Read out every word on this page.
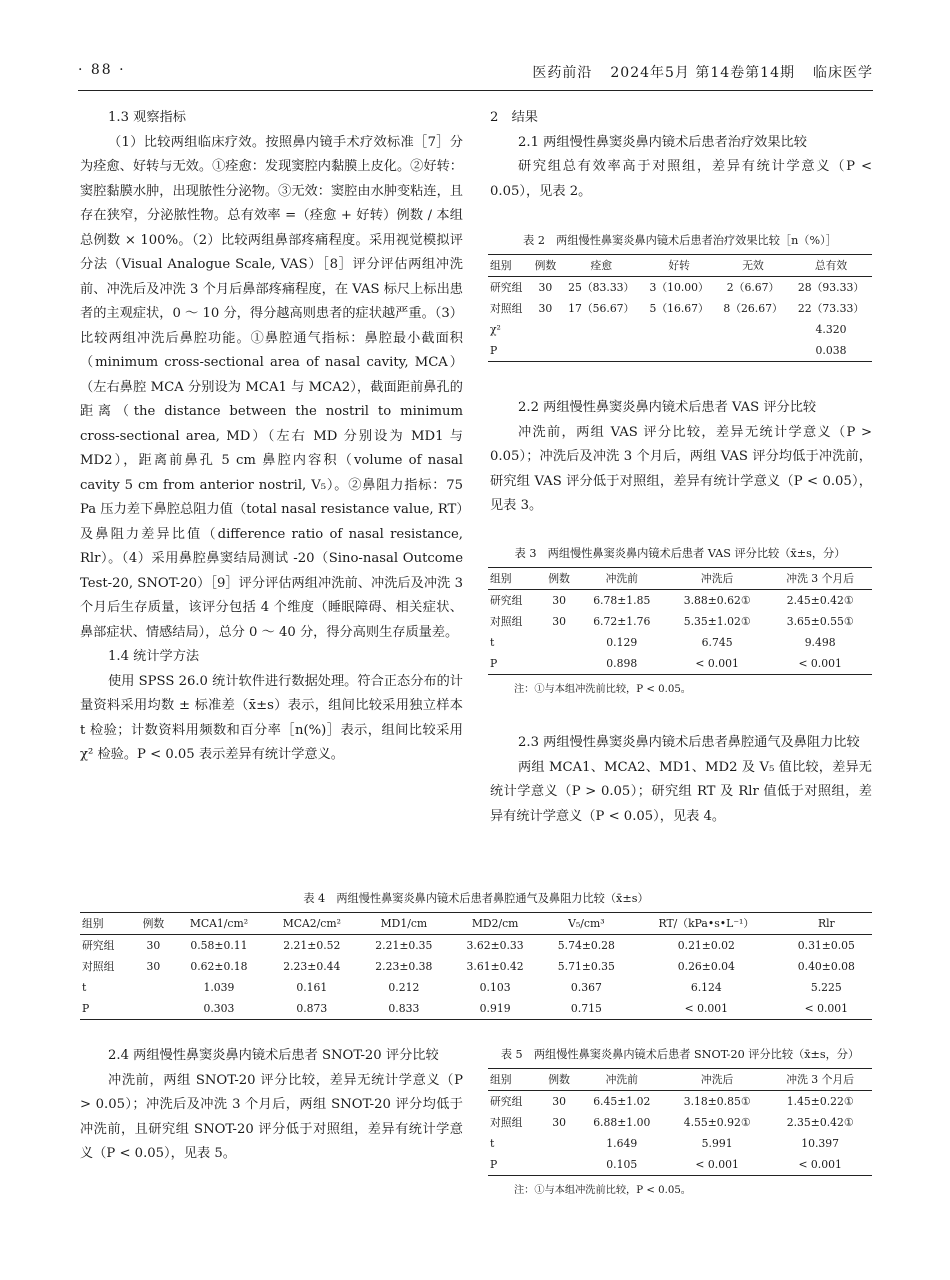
· 88 ·	医药前沿 2024年5月 第14卷第14期 临床医学

1.3 观察指标

（1）比较两组临床疗效。按照鼻内镜手术疗效标准［7］分为痊愈、好转与无效。①痊愈：发现窦腔内黏膜上皮化。②好转：窦腔黏膜水肿，出现脓性分泌物。③无效：窦腔由水肿变粘连，且存在狭窄，分泌脓性物。总有效率 =（痊愈 + 好转）例数 / 本组总例数 × 100%。（2）比较两组鼻部疼痛程度。采用视觉模拟评分法（Visual Analogue Scale, VAS）［8］评分评估两组冲洗前、冲洗后及冲洗 3 个月后鼻部疼痛程度，在 VAS 标尺上标出患者的主观症状，0 ～ 10 分，得分越高则患者的症状越严重。（3）比较两组冲洗后鼻腔功能。①鼻腔通气指标：鼻腔最小截面积（minimum cross-sectional area of nasal cavity, MCA）（左右鼻腔 MCA 分别设为 MCA1 与 MCA2），截面距前鼻孔的距离（the distance between the nostril to minimum cross-sectional area, MD）（左右 MD 分别设为 MD1 与 MD2），距离前鼻孔 5 cm 鼻腔内容积（volume of nasal cavity 5 cm from anterior nostril, V₅）。②鼻阻力指标：75 Pa 压力差下鼻腔总阻力值（total nasal resistance value, RT）及鼻阻力差异比值（difference ratio of nasal resistance, Rlr）。（4）采用鼻腔鼻窦结局测试 -20（Sino-nasal Outcome Test-20, SNOT-20）［9］评分评估两组冲洗前、冲洗后及冲洗 3 个月后生存质量，该评分包括 4 个维度（睡眠障碍、相关症状、鼻部症状、情感结局），总分 0 ～ 40 分，得分高则生存质量差。

1.4 统计学方法

使用 SPSS 26.0 统计软件进行数据处理。符合正态分布的计量资料采用均数 ± 标准差（x̄±s）表示，组间比较采用独立样本 t 检验；计数资料用频数和百分率［n(%)］表示，组间比较采用 χ² 检验。P < 0.05 表示差异有统计学意义。

2　结果

2.1 两组慢性鼻窦炎鼻内镜术后患者治疗效果比较

研究组总有效率高于对照组，差异有统计学意义（P < 0.05），见表 2。

表 2　两组慢性鼻窦炎鼻内镜术后患者治疗效果比较［n（%）］
组别	例数	痊愈	好转	无效	总有效
研究组	30	25（83.33）	3（10.00）	2（6.67）	28（93.33）
对照组	30	17（56.67）	5（16.67）	8（26.67）	22（73.33）
χ²					4.320
P					0.038

2.2 两组慢性鼻窦炎鼻内镜术后患者 VAS 评分比较

冲洗前，两组 VAS 评分比较，差异无统计学意义（P > 0.05）；冲洗后及冲洗 3 个月后，两组 VAS 评分均低于冲洗前，研究组 VAS 评分低于对照组，差异有统计学意义（P < 0.05），见表 3。

表 3　两组慢性鼻窦炎鼻内镜术后患者 VAS 评分比较（x̄±s，分）
组别	例数	冲洗前	冲洗后	冲洗 3 个月后
研究组	30	6.78±1.85	3.88±0.62①	2.45±0.42①
对照组	30	6.72±1.76	5.35±1.02①	3.65±0.55①
t		0.129	6.745	9.498
P		0.898	< 0.001	< 0.001
注：①与本组冲洗前比较，P < 0.05。

2.3 两组慢性鼻窦炎鼻内镜术后患者鼻腔通气及鼻阻力比较

两组 MCA1、MCA2、MD1、MD2 及 V₅ 值比较，差异无统计学意义（P > 0.05）；研究组 RT 及 Rlr 值低于对照组，差异有统计学意义（P < 0.05），见表 4。

表 4　两组慢性鼻窦炎鼻内镜术后患者鼻腔通气及鼻阻力比较（x̄±s）
组别	例数	MCA1/cm²	MCA2/cm²	MD1/cm	MD2/cm	V₅/cm³	RT/（kPa•s•L⁻¹）	Rlr
研究组	30	0.58±0.11	2.21±0.52	2.21±0.35	3.62±0.33	5.74±0.28	0.21±0.02	0.31±0.05
对照组	30	0.62±0.18	2.23±0.44	2.23±0.38	3.61±0.42	5.71±0.35	0.26±0.04	0.40±0.08
t		1.039	0.161	0.212	0.103	0.367	6.124	5.225
P		0.303	0.873	0.833	0.919	0.715	< 0.001	< 0.001

2.4 两组慢性鼻窦炎鼻内镜术后患者 SNOT-20 评分比较

冲洗前，两组 SNOT-20 评分比较，差异无统计学意义（P > 0.05）；冲洗后及冲洗 3 个月后，两组 SNOT-20 评分均低于冲洗前，且研究组 SNOT-20 评分低于对照组，差异有统计学意义（P < 0.05），见表 5。

表 5　两组慢性鼻窦炎鼻内镜术后患者 SNOT-20 评分比较（x̄±s，分）
组别	例数	冲洗前	冲洗后	冲洗 3 个月后
研究组	30	6.45±1.02	3.18±0.85①	1.45±0.22①
对照组	30	6.88±1.00	4.55±0.92①	2.35±0.42①
t		1.649	5.991	10.397
P		0.105	< 0.001	< 0.001
注：①与本组冲洗前比较，P < 0.05。
